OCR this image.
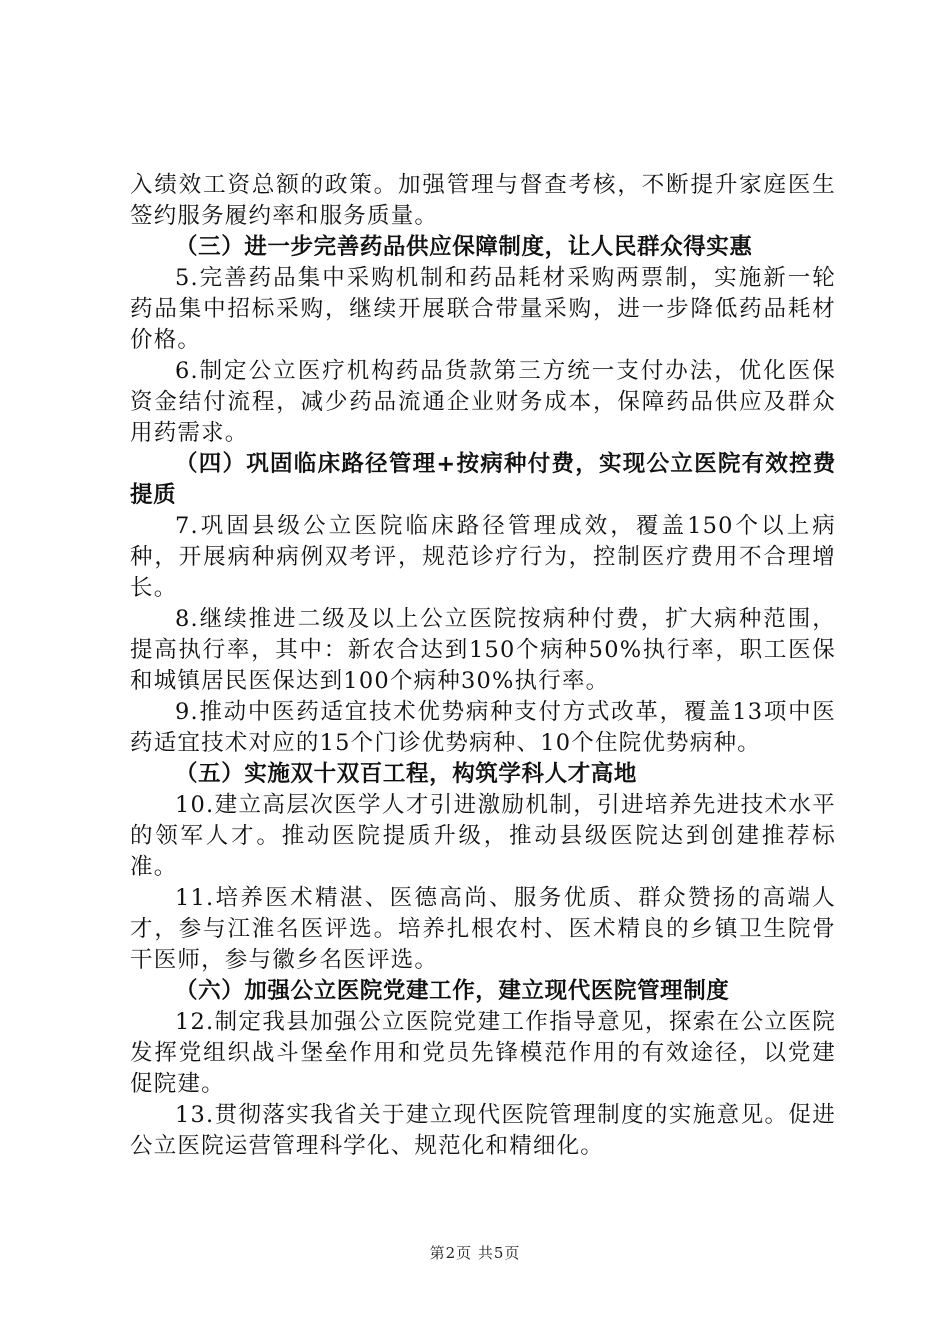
入绩效工资总额的政策。加强管理与督查考核，不断提升家庭医生签约服务履约率和服务质量。

（三）进一步完善药品供应保障制度，让人民群众得实惠

5.完善药品集中采购机制和药品耗材采购两票制，实施新一轮药品集中招标采购，继续开展联合带量采购，进一步降低药品耗材价格。

6.制定公立医疗机构药品货款第三方统一支付办法，优化医保资金结付流程，减少药品流通企业财务成本，保障药品供应及群众用药需求。

（四）巩固临床路径管理+按病种付费，实现公立医院有效控费提质

7.巩固县级公立医院临床路径管理成效，覆盖150个以上病种，开展病种病例双考评，规范诊疗行为，控制医疗费用不合理增长。

8.继续推进二级及以上公立医院按病种付费，扩大病种范围，提高执行率，其中：新农合达到150个病种50%执行率，职工医保和城镇居民医保达到100个病种30%执行率。

9.推动中医药适宜技术优势病种支付方式改革，覆盖13项中医药适宜技术对应的15个门诊优势病种、10个住院优势病种。

（五）实施双十双百工程，构筑学科人才高地

10.建立高层次医学人才引进激励机制，引进培养先进技术水平的领军人才。推动医院提质升级，推动县级医院达到创建推荐标准。

11.培养医术精湛、医德高尚、服务优质、群众赞扬的高端人才，参与江淮名医评选。培养扎根农村、医术精良的乡镇卫生院骨干医师，参与徽乡名医评选。

（六）加强公立医院党建工作，建立现代医院管理制度

12.制定我县加强公立医院党建工作指导意见，探索在公立医院发挥党组织战斗堡垒作用和党员先锋模范作用的有效途径，以党建促院建。

13.贯彻落实我省关于建立现代医院管理制度的实施意见。促进公立医院运营管理科学化、规范化和精细化。

第2页 共5页
